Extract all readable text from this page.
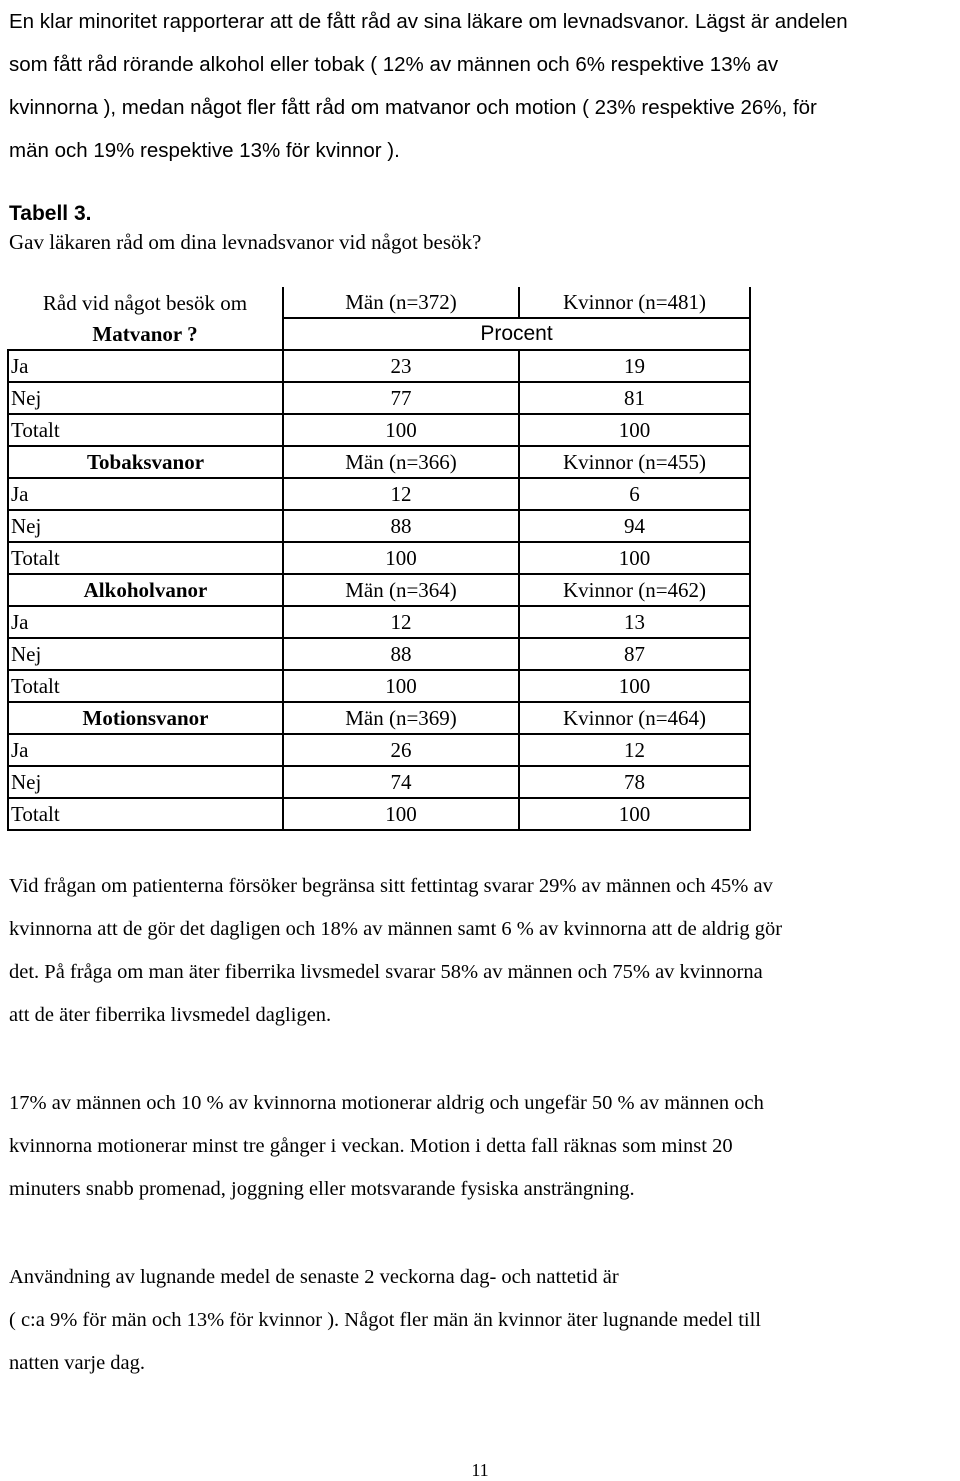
En klar minoritet rapporterar att de fått råd av sina läkare om levnadsvanor. Lägst är andelen
som fått råd rörande alkohol eller tobak ( 12% av männen och 6% respektive 13% av
kvinnorna ), medan något fler fått råd om matvanor och motion ( 23% respektive 26%, för
män och 19% respektive 13% för kvinnor ).
Tabell 3.
Gav läkaren råd om dina levnadsvanor vid något besök?
Råd vid något besök om	Män (n=372)	Kvinnor (n=481)
Matvanor ?	Procent	
Ja	23	19
Nej	77	81
Totalt	100	100
Tobaksvanor	Män (n=366)	Kvinnor (n=455)
Ja	12	6
Nej	88	94
Totalt	100	100
Alkoholvanor	Män (n=364)	Kvinnor (n=462)
Ja	12	13
Nej	88	87
Totalt	100	100
Motionsvanor	Män (n=369)	Kvinnor (n=464)
Ja	26	12
Nej	74	78
Totalt	100	100
Vid frågan om patienterna försöker begränsa sitt fettintag svarar 29% av männen och 45% av
kvinnorna att de gör det dagligen och 18% av männen samt 6 % av kvinnorna att de aldrig gör
det. På fråga om man äter fiberrika livsmedel svarar 58% av männen och 75% av kvinnorna
att de äter fiberrika livsmedel dagligen.
17% av männen och 10 % av kvinnorna motionerar aldrig och ungefär 50 % av männen och
kvinnorna motionerar minst tre gånger i veckan. Motion i detta fall räknas som minst 20
minuters snabb promenad, joggning eller motsvarande fysiska ansträngning.
Användning av lugnande medel de senaste 2 veckorna dag- och nattetid är
( c:a 9% för män och 13% för kvinnor ). Något fler män än kvinnor äter lugnande medel till
natten varje dag.
11
